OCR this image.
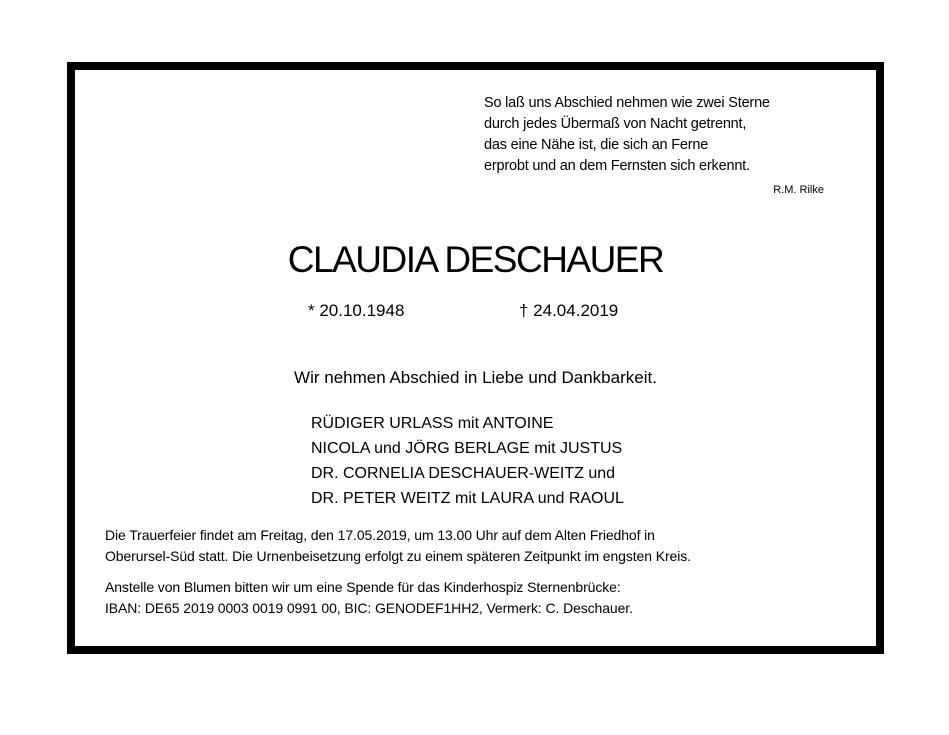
So laß uns Abschied nehmen wie zwei Sterne
durch jedes Übermaß von Nacht getrennt,
das eine Nähe ist, die sich an Ferne
erprobt und an dem Fernsten sich erkennt.
R.M. Rilke
CLAUDIA DESCHAUER
* 20.10.1948	† 24.04.2019
Wir nehmen Abschied in Liebe und Dankbarkeit.
RÜDIGER URLASS mit ANTOINE
NICOLA und JÖRG BERLAGE mit JUSTUS
DR. CORNELIA DESCHAUER-WEITZ und
DR. PETER WEITZ mit LAURA und RAOUL
Die Trauerfeier findet am Freitag, den 17.05.2019, um 13.00 Uhr auf dem Alten Friedhof in
Oberursel-Süd statt. Die Urnenbeisetzung erfolgt zu einem späteren Zeitpunkt im engsten Kreis.
Anstelle von Blumen bitten wir um eine Spende für das Kinderhospiz Sternenbrücke:
IBAN: DE65 2019 0003 0019 0991 00, BIC: GENODEF1HH2, Vermerk: C. Deschauer.
